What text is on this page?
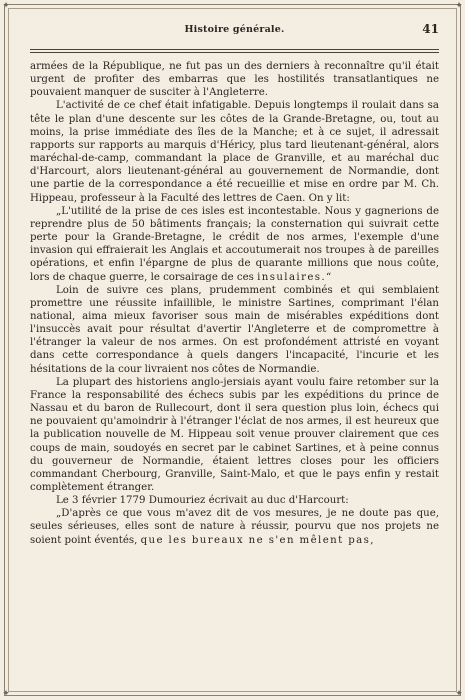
✦	✦
✦	✦
Histoire générale.	41

armées de la République, ne fut pas un des derniers à reconnaître qu'il était urgent de profiter des embarras que les hostilités transatlantiques ne pouvaient manquer de susciter à l'Angleterre.

L'activité de ce chef était infatigable. Depuis longtemps il roulait dans sa tête le plan d'une descente sur les côtes de la Grande-Bretagne, ou, tout au moins, la prise immédiate des îles de la Manche; et à ce sujet, il adressait rapports sur rapports au marquis d'Héricy, plus tard lieutenant-général, alors maréchal-de-camp, commandant la place de Granville, et au maréchal duc d'Harcourt, alors lieutenant-général au gouvernement de Normandie, dont une partie de la correspondance a été recueillie et mise en ordre par M. Ch. Hippeau, professeur à la Faculté des lettres de Caen. On y lit:

„L'utilité de la prise de ces isles est incontestable. Nous y gagnerions de reprendre plus de 50 bâtiments français; la consternation qui suivrait cette perte pour la Grande-Bretagne, le crédit de nos armes, l'exemple d'une invasion qui effraierait les Anglais et accoutumerait nos troupes à de pareilles opérations, et enfin l'épargne de plus de quarante millions que nous coûte, lors de chaque guerre, le corsairage de ces insulaires.“

Loin de suivre ces plans, prudemment combinés et qui semblaient promettre une réussite infaillible, le ministre Sartines, comprimant l'élan national, aima mieux favoriser sous main de misérables expéditions dont l'insuccès avait pour résultat d'avertir l'Angleterre et de compromettre à l'étranger la valeur de nos armes. On est profondément attristé en voyant dans cette correspondance à quels dangers l'incapacité, l'incurie et les hésitations de la cour livraient nos côtes de Normandie.

La plupart des historiens anglo-jersiais ayant voulu faire retomber sur la France la responsabilité des échecs subis par les expéditions du prince de Nassau et du baron de Rullecourt, dont il sera question plus loin, échecs qui ne pouvaient qu'amoindrir à l'étranger l'éclat de nos armes, il est heureux que la publication nouvelle de M. Hippeau soit venue prouver clairement que ces coups de main, soudoyés en secret par le cabinet Sartines, et à peine connus du gouverneur de Normandie, étaient lettres closes pour les officiers commandant Cherbourg, Granville, Saint-Malo, et que le pays enfin y restait complètement étranger.

Le 3 février 1779 Dumouriez écrivait au duc d'Harcourt:

„D'après ce que vous m'avez dit de vos mesures, je ne doute pas que, seules sérieuses, elles sont de nature à réussir, pourvu que nos projets ne soient point éventés, que les bureaux ne s'en mêlent pas,
